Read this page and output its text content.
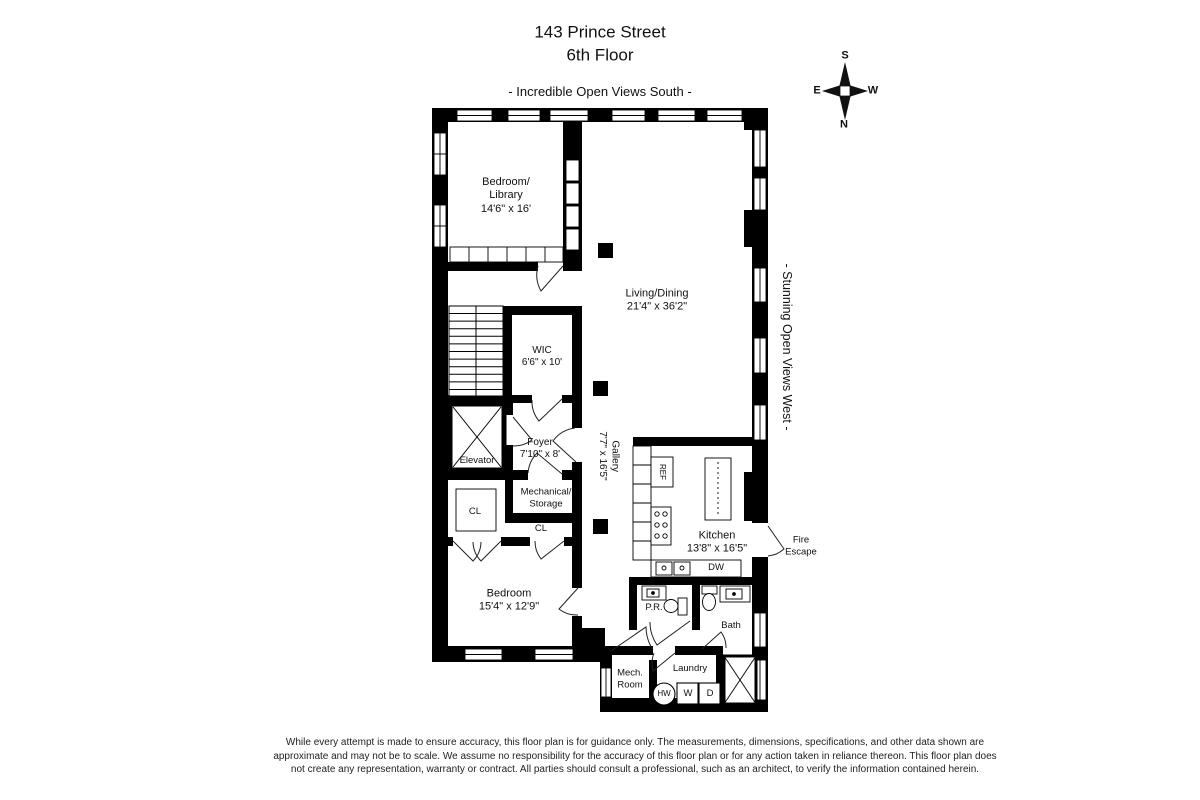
143 Prince Street
6th Floor
- Incredible Open Views South -
- Stunning Open Views West -
Bedroom/
Library
14'6" x 16'
Living/Dining
21'4" x 36'2"
WIC
6'6" x 10'
Foyer
7'10" x 8'
Elevator
Mechanical/
Storage
CL
CL
Bedroom
15'4" x 12'9"
Gallery
7'7" x 16'5"
Kitchen
13'8" x 16'5"
REF
DW
P.R.
Bath
Fire
Escape
Mech.
Room
Laundry
HW W D
S
E	W
N
While every attempt is made to ensure accuracy, this floor plan is for guidance only. The measurements, dimensions, specifications, and other data shown are approximate and may not be to scale. We assume no responsibility for the accuracy of this floor plan or for any action taken in reliance thereon. This floor plan does not create any representation, warranty or contract. All parties should consult a professional, such as an architect, to verify the information contained herein.
